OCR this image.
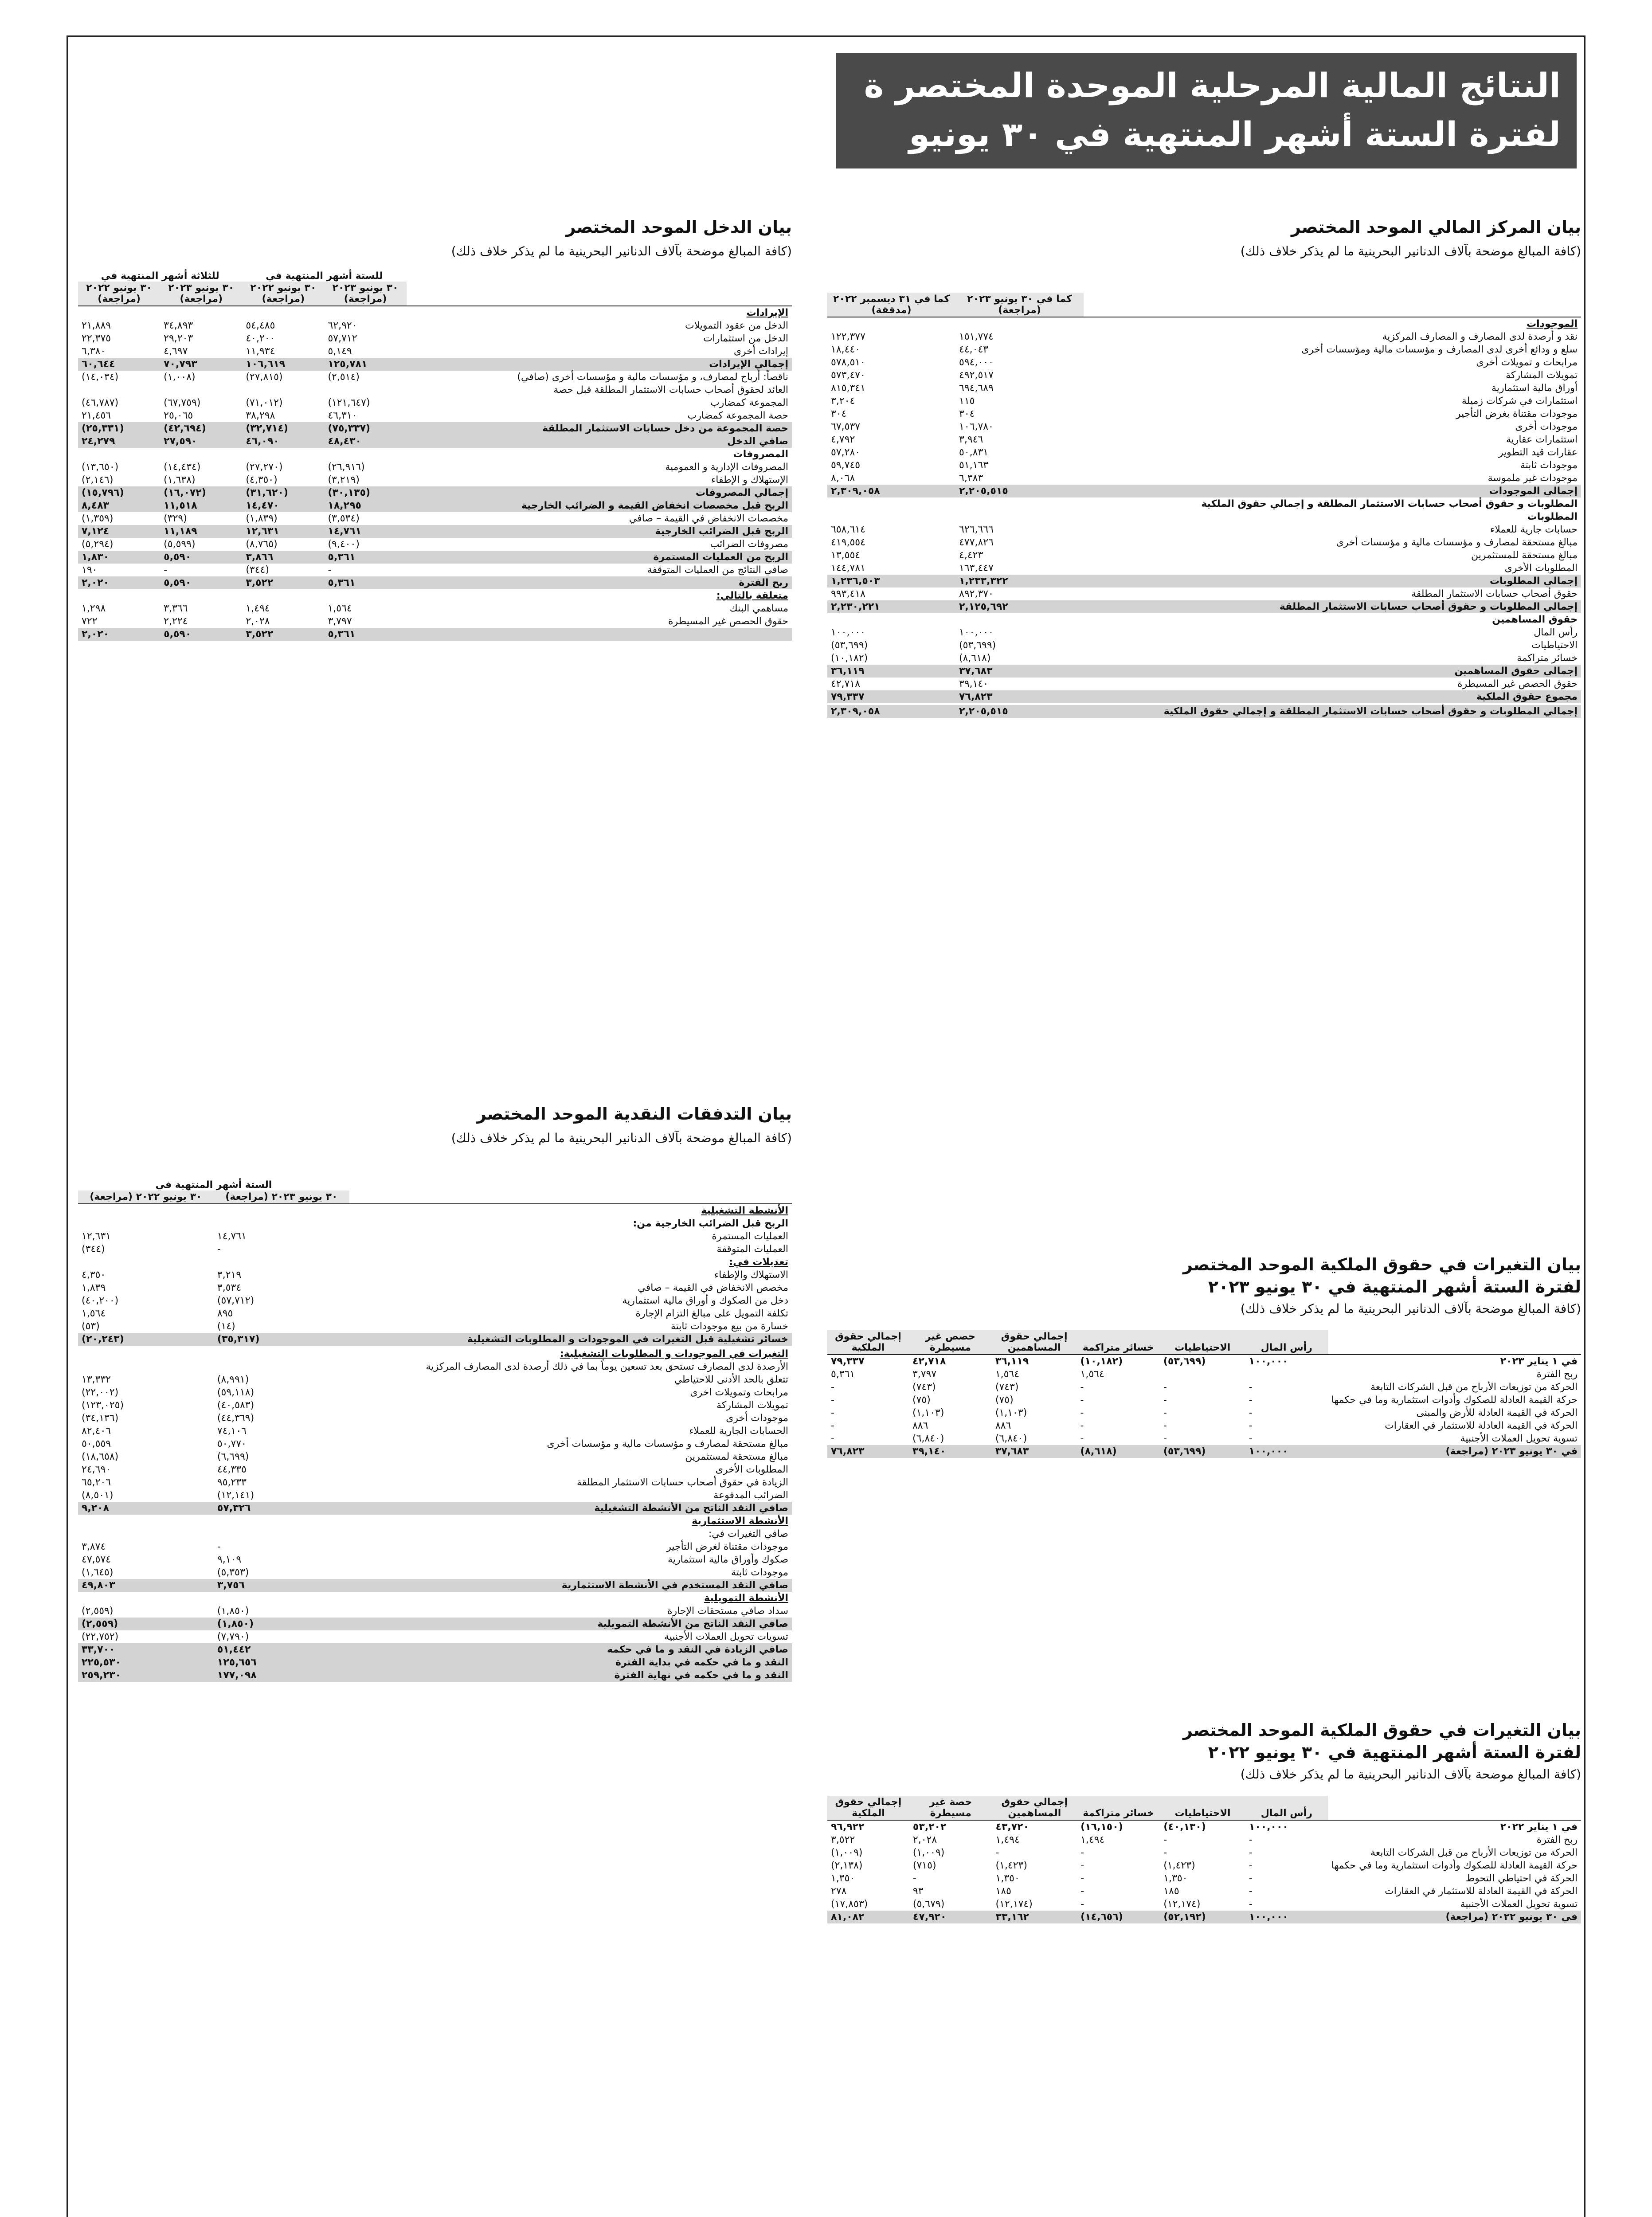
النتائج المالية المرحلية الموحدة المختصر ة
لفترة الستة أشهر المنتهية في ٣٠ يونيو ٢٠٢٣
بيان المركز المالي الموحد المختصر
(كافة المبالغ موضحة بآلاف الدنانير البحرينية ما لم يذكر خلاف ذلك)
	كما في ٣٠ يونيو ٢٠٢٣ (مراجعة)	كما في ٣١ ديسمبر ٢٠٢٢ (مدققة)
الموجودات		
نقد و أرصدة لدى المصارف و المصارف المركزية	١٥١,٧٧٤	١٢٢,٣٧٧
سلع و ودائع أخرى لدى المصارف و مؤسسات مالية ومؤسسات أخرى	٤٤,٠٤٣	١٨,٤٤٠
مرابحات و تمويلات أخرى	٥٩٤,٠٠٠	٥٧٨,٥١٠
تمويلات المشاركة	٤٩٢,٥١٧	٥٧٣,٤٧٠
أوراق مالية استثمارية	٦٩٤,٦٨٩	٨١٥,٣٤١
استثمارات في شركات زميلة	١١٥	٣,٢٠٤
موجودات مقتناة بغرض التأجير	٣٠٤	٣٠٤
موجودات أخرى	١٠٦,٧٨٠	٦٧,٥٣٧
استثمارات عقارية	٣,٩٤٦	٤,٧٩٢
عقارات قيد التطوير	٥٠,٨٣١	٥٧,٢٨٠
موجودات ثابتة	٥١,١٦٣	٥٩,٧٤٥
موجودات غير ملموسة	٦,٣٨٣	٨,٠٦٨
إجمالي الموجودات	٢,٢٠٥,٥١٥	٢,٣٠٩,٠٥٨
المطلوبات و حقوق أصحاب حسابات الاستثمار المطلقة و إجمالي حقوق الملكية		
المطلوبات		
حسابات جارية للعملاء	٦٢٦,٦٦٦	٦٥٨,٦١٤
مبالغ مستحقة لمصارف و مؤسسات مالية و مؤسسات أخرى	٤٧٧,٨٢٦	٤١٩,٥٥٤
مبالغ مستحقة للمستثمرين	٤,٤٢٣	١٣,٥٥٤
المطلوبات الأخرى	١٦٣,٤٤٧	١٤٤,٧٨١
إجمالي المطلوبات	١,٢٣٣,٣٢٢	١,٢٣٦,٥٠٣
حقوق أصحاب حسابات الاستثمار المطلقة	٨٩٢,٣٧٠	٩٩٣,٤١٨
إجمالي المطلوبات و حقوق أصحاب حسابات الاستثمار المطلقة	٢,١٢٥,٦٩٢	٢,٢٣٠,٢٢١
حقوق المساهمين		
رأس المال	١٠٠,٠٠٠	١٠٠,٠٠٠
الاحتياطيات	(٥٣,٦٩٩)	(٥٣,٦٩٩)
خسائر متراكمة	(٨,٦١٨)	(١٠,١٨٢)
إجمالي حقوق المساهمين	٣٧,٦٨٣	٣٦,١١٩
حقوق الحصص غير المسيطرة	٣٩,١٤٠	٤٢,٧١٨
مجموع حقوق الملكية	٧٦,٨٢٣	٧٩,٣٣٧

إجمالي المطلوبات و حقوق أصحاب حسابات الاستثمار المطلقة و إجمالي حقوق الملكية	٢,٢٠٥,٥١٥	٢,٣٠٩,٠٥٨
بيان الدخل الموحد المختصر
(كافة المبالغ موضحة بآلاف الدنانير البحرينية ما لم يذكر خلاف ذلك)
للستة أشهر المنتهية في
للثلاثة أشهر المنتهية في
	٣٠ يونيو ٢٠٢٣ (مراجعة)	٣٠ يونيو ٢٠٢٢ (مراجعة)	٣٠ يونيو ٢٠٢٣ (مراجعة)	٣٠ يونيو ٢٠٢٢ (مراجعة)
الإيرادات				
الدخل من عقود التمويلات	٦٢,٩٢٠	٥٤,٤٨٥	٣٤,٨٩٣	٢١,٨٨٩
الدخل من استثمارات	٥٧,٧١٢	٤٠,٢٠٠	٢٩,٢٠٣	٢٢,٣٧٥
إيرادات أخرى	٥,١٤٩	١١,٩٣٤	٤,٦٩٧	٦,٣٨٠
إجمالي الإيرادات	١٢٥,٧٨١	١٠٦,٦١٩	٧٠,٧٩٣	٦٠,٦٤٤
ناقصاً: أرباح لمصارف، و مؤسسات مالية و مؤسسات أخرى (صافي)	(٢,٥١٤)	(٢٧,٨١٥)	(١,٠٠٨)	(١٤,٠٣٤)
العائد لحقوق أصحاب حسابات الاستثمار المطلقة قبل حصة				
المجموعة كمضارب	(١٢١,٦٤٧)	(٧١,٠١٢)	(٦٧,٧٥٩)	(٤٦,٧٨٧)
حصة المجموعة كمضارب	٤٦,٣١٠	٣٨,٢٩٨	٢٥,٠٦٥	٢١,٤٥٦
حصة المجموعة من دخل حسابات الاستثمار المطلقة	(٧٥,٣٣٧)	(٣٢,٧١٤)	(٤٢,٦٩٤)	(٢٥,٣٣١)
صافي الدخل	٤٨,٤٣٠	٤٦,٠٩٠	٢٧,٥٩٠	٢٤,٢٧٩
المصروفات				
المصروفات الإدارية و العمومية	(٢٦,٩١٦)	(٢٧,٢٧٠)	(١٤,٤٣٤)	(١٣,٦٥٠)
الإستهلاك و الإطفاء	(٣,٢١٩)	(٤,٣٥٠)	(١,٦٣٨)	(٢,١٤٦)
إجمالي المصروفات	(٣٠,١٣٥)	(٣١,٦٢٠)	(١٦,٠٧٢)	(١٥,٧٩٦)
الربح قبل مخصصات انخفاض القيمة و الضرائب الخارجية	١٨,٢٩٥	١٤,٤٧٠	١١,٥١٨	٨,٤٨٣
مخصصات الانخفاض في القيمة – صافي	(٣,٥٣٤)	(١,٨٣٩)	(٣٢٩)	(١,٣٥٩)
الربح قبل الضرائب الخارجية	١٤,٧٦١	١٢,٦٣١	١١,١٨٩	٧,١٢٤
مصروفات الضرائب	(٩,٤٠٠)	(٨,٧٦٥)	(٥,٥٩٩)	(٥,٢٩٤)
الربح من العمليات المستمرة	٥,٣٦١	٣,٨٦٦	٥,٥٩٠	١,٨٣٠
صافي النتائج من العمليات المتوقفة	-	(٣٤٤)	-	١٩٠
ربح الفترة	٥,٣٦١	٣,٥٢٢	٥,٥٩٠	٢,٠٢٠
متعلقة بالتالي:				
مساهمي البنك	١,٥٦٤	١,٤٩٤	٣,٣٦٦	١,٢٩٨
حقوق الحصص غير المسيطرة	٣,٧٩٧	٢,٠٢٨	٢,٢٢٤	٧٢٢
	٥,٣٦١	٣,٥٢٢	٥,٥٩٠	٢,٠٢٠
بيان التدفقات النقدية الموحد المختصر
(كافة المبالغ موضحة بآلاف الدنانير البحرينية ما لم يذكر خلاف ذلك)
الستة أشهر المنتهية في
	٣٠ يونيو ٢٠٢٣ (مراجعة)	٣٠ يونيو ٢٠٢٢ (مراجعة)
الأنشطة التشغيلية		
الربح قبل الضرائب الخارجية من:		
العمليات المستمرة	١٤,٧٦١	١٢,٦٣١
العمليات المتوقفة	-	(٣٤٤)
تعديلات في:		
الاستهلاك والإطفاء	٣,٢١٩	٤,٣٥٠
مخصص الانخفاض في القيمة – صافي	٣,٥٣٤	١,٨٣٩
دخل من الصكوك و أوراق مالية استثمارية	(٥٧,٧١٢)	(٤٠,٢٠٠)
تكلفة التمويل على مبالغ التزام الإجارة	٨٩٥	١,٥٦٤
خسارة من بيع موجودات ثابتة	(١٤)	(٥٣)
خسائر تشغيلية قبل التغيرات في الموجودات و المطلوبات التشغيلية	(٣٥,٣١٧)	(٢٠,٢٤٣)

التغيرات في الموجودات و المطلوبات التشغيلية:		
الأرصدة لدى المصارف تستحق بعد تسعين يوماً بما في ذلك أرصدة لدى المصارف المركزية		
تتعلق بالحد الأدنى للاحتياطي	(٨,٩٩١)	١٣,٣٣٢
مرابحات وتمويلات اخرى	(٥٩,١١٨)	(٢٢,٠٠٢)
تمويلات المشاركة	(٤٠,٥٨٣)	(١٢٣,٠٢٥)
موجودات أخرى	(٤٤,٣٦٩)	(٣٤,١٣٦)
الحسابات الجارية للعملاء	٧٤,١٠٦	٨٢,٤٠٦
مبالغ مستحقة لمصارف و مؤسسات مالية و مؤسسات أخرى	٥٠,٧٧٠	٥٠,٥٥٩
مبالغ مستحقة لمستثمرين	(٦,٦٩٩)	(١٨,٦٥٨)
المطلوبات الأخرى	٤٤,٣٣٥	٢٤,٦٩٠
الزيادة في حقوق أصحاب حسابات الاستثمار المطلقة	٩٥,٢٣٣	٦٥,٢٠٦
الضرائب المدفوعة	(١٢,١٤١)	(٨,٥٠١)
صافي النقد الناتج من الأنشطة التشغيلية	٥٧,٣٢٦	٩,٢٠٨
الأنشطة الاستثمارية		
صافي التغيرات في:		
موجودات مقتناة لغرض التأجير	-	٣,٨٧٤
صكوك وأوراق مالية استثمارية	٩,١٠٩	٤٧,٥٧٤
موجودات ثابتة	(٥,٣٥٣)	(١,٦٤٥)
صافي النقد المستخدم في الأنشطة الاستثمارية	٣,٧٥٦	٤٩,٨٠٣
الأنشطة التمويلية		
سداد صافي مستحقات الإجارة	(١,٨٥٠)	(٢,٥٥٩)
صافي النقد الناتج من الأنشطة التمويلية	(١,٨٥٠)	(٢,٥٥٩)
تسويات تحويل العملات الأجنبية	(٧,٧٩٠)	(٢٢,٧٥٢)
صافي الزيادة في النقد و ما في حكمه	٥١,٤٤٢	٣٣,٧٠٠
النقد و ما في حكمه في بداية الفترة	١٢٥,٦٥٦	٢٢٥,٥٣٠
النقد و ما في حكمه في نهاية الفترة	١٧٧,٠٩٨	٢٥٩,٢٣٠
بيان التغيرات في حقوق الملكية الموحد المختصر
لفترة الستة أشهر المنتهية في ٣٠ يونيو ٢٠٢٣
(كافة المبالغ موضحة بآلاف الدنانير البحرينية ما لم يذكر خلاف ذلك)
	رأس المال	الاحتياطيات	خسائر متراكمة	إجمالي حقوق المساهمين	حصص غير مسيطرة	إجمالي حقوق الملكية
في ١ يناير ٢٠٢٣	١٠٠,٠٠٠	(٥٣,٦٩٩)	(١٠,١٨٢)	٣٦,١١٩	٤٢,٧١٨	٧٩,٣٣٧
ربح الفترة			١,٥٦٤	١,٥٦٤	٣,٧٩٧	٥,٣٦١
الحركة من توزيعات الأرباح من قبل الشركات التابعة	-	-	-	(٧٤٣)	(٧٤٣)	-
حركة القيمة العادلة للصكوك وأدوات استثمارية وما في حكمها	-	-	-	(٧٥)	(٧٥)	-
الحركة في القيمة العادلة للأرض والمبنى	-	-	-	(١,١٠٣)	(١,١٠٣)	-
الحركة في القيمة العادلة للاستثمار في العقارات	-	-	-	٨٨٦	٨٨٦	-
تسوية تحويل العملات الأجنبية	-	-	-	(٦,٨٤٠)	(٦,٨٤٠)	-
في ٣٠ يونيو ٢٠٢٣ (مراجعة)	١٠٠,٠٠٠	(٥٣,٦٩٩)	(٨,٦١٨)	٣٧,٦٨٣	٣٩,١٤٠	٧٦,٨٢٣
بيان التغيرات في حقوق الملكية الموحد المختصر
لفترة الستة أشهر المنتهية في ٣٠ يونيو ٢٠٢٢
(كافة المبالغ موضحة بآلاف الدنانير البحرينية ما لم يذكر خلاف ذلك)
	رأس المال	الاحتياطيات	خسائر متراكمة	إجمالي حقوق المساهمين	حصة غير مسيطرة	إجمالي حقوق الملكية
في ١ يناير ٢٠٢٢	١٠٠,٠٠٠	(٤٠,١٣٠)	(١٦,١٥٠)	٤٣,٧٢٠	٥٣,٢٠٢	٩٦,٩٢٢
ربح الفترة	-	-	١,٤٩٤	١,٤٩٤	٢,٠٢٨	٣,٥٢٢
الحركة من توزيعات الأرباح من قبل الشركات التابعة	-	-	-	-	(١,٠٠٩)	(١,٠٠٩)
حركة القيمة العادلة للصكوك وأدوات استثمارية وما في حكمها	-	(١,٤٢٣)	-	(١,٤٢٣)	(٧١٥)	(٢,١٣٨)
الحركة في احتياطي التحوط	-	١,٣٥٠	-	١,٣٥٠	-	١,٣٥٠
الحركة في القيمة العادلة للاستثمار في العقارات	-	١٨٥	-	١٨٥	٩٣	٢٧٨
تسوية تحويل العملات الأجنبية	-	(١٢,١٧٤)	-	(١٢,١٧٤)	(٥,٦٧٩)	(١٧,٨٥٣)
في ٣٠ يونيو ٢٠٢٢ (مراجعة)	١٠٠,٠٠٠	(٥٢,١٩٢)	(١٤,٦٥٦)	٣٣,١٦٢	٤٧,٩٢٠	٨١,٠٨٢
